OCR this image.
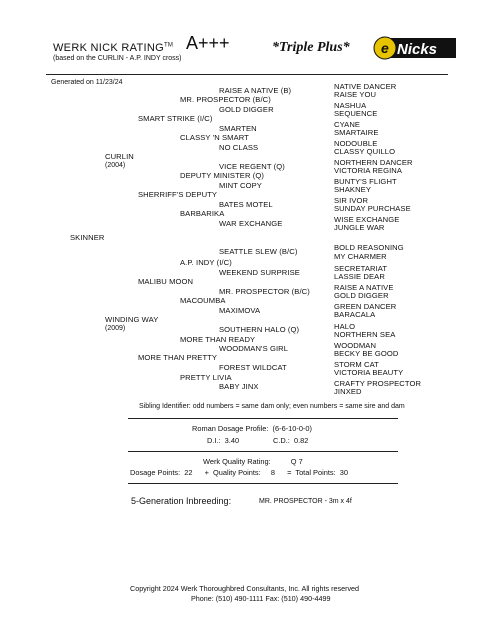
WERK NICK RATING™ A+++	*Triple Plus*
(based on the CURLIN - A.P. INDY cross)
e Nicks
Generated on 11/23/24
RAISE A NATIVE (B)
GOLD DIGGER
SMARTEN
NO CLASS
VICE REGENT (Q)
MINT COPY
BATES MOTEL
WAR EXCHANGE
SEATTLE SLEW (B/C)
WEEKEND SURPRISE
MR. PROSPECTOR (B/C)
MAXIMOVA
SOUTHERN HALO (Q)
WOODMAN'S GIRL
FOREST WILDCAT
BABY JINX
MR. PROSPECTOR (B/C)
CLASSY 'N SMART
DEPUTY MINISTER (Q)
BARBARIKA
A.P. INDY (I/C)
MACOUMBA
MORE THAN READY
PRETTY LIVIA
SMART STRIKE (I/C)
SHERRIFF'S DEPUTY
MALIBU MOON
MORE THAN PRETTY
CURLIN
(2004)
WINDING WAY
(2009)
SKINNER
NATIVE DANCER
RAISE YOU
NASHUA
SEQUENCE
CYANE
SMARTAIRE
NODOUBLE
CLASSY QUILLO
NORTHERN DANCER
VICTORIA REGINA
BUNTY'S FLIGHT
SHAKNEY
SIR IVOR
SUNDAY PURCHASE
WISE EXCHANGE
JUNGLE WAR
BOLD REASONING
MY CHARMER
SECRETARIAT
LASSIE DEAR
RAISE A NATIVE
GOLD DIGGER
GREEN DANCER
BARACALA
HALO
NORTHERN SEA
WOODMAN
BECKY BE GOOD
STORM CAT
VICTORIA BEAUTY
CRAFTY PROSPECTOR
JINXED
Sibling Identifier: odd numbers = same dam only; even numbers = same sire and dam
Roman Dosage Profile: (6-6-10-0-0)
D.I.: 3.40	C.D.: 0.82
Werk Quality Rating:	Q 7
Dosage Points: 22 + Quality Points: 8 = Total Points: 30
5-Generation Inbreeding:	MR. PROSPECTOR - 3m x 4f
Copyright 2024 Werk Thoroughbred Consultants, Inc. All rights reserved
Phone: (510) 490-1111 Fax: (510) 490-4499
